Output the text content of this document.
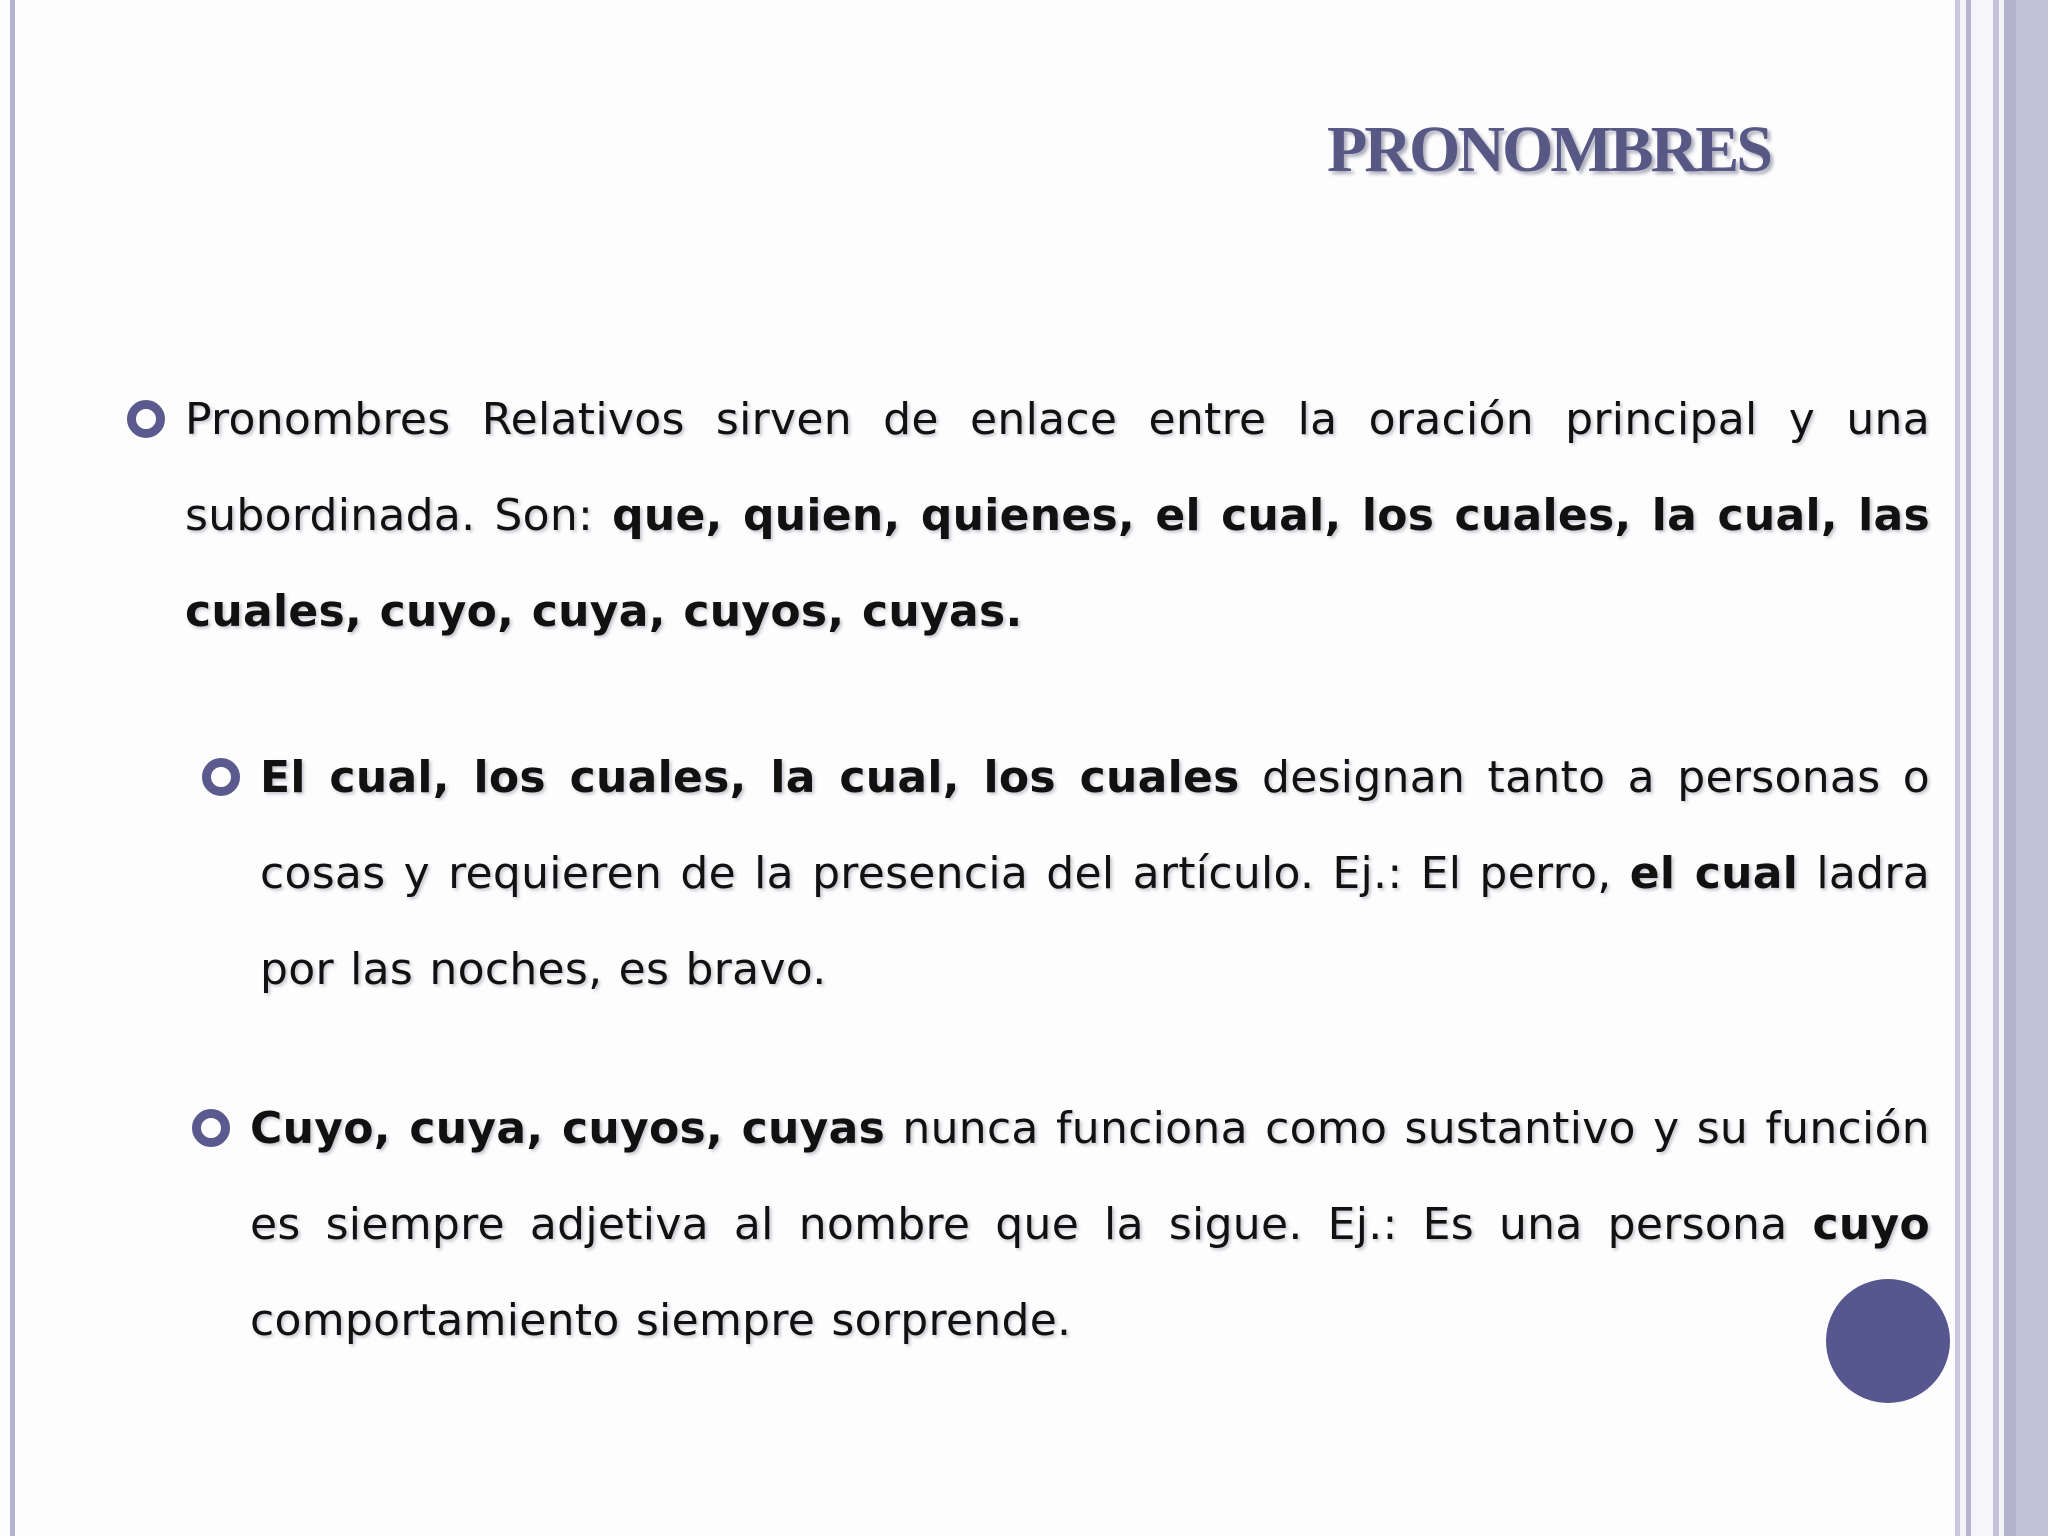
PRONOMBRES
Pronombres Relativos sirven de enlace entre la oración principal y una subordinada. Son: que, quien, quienes, el cual, los cuales, la cual, las cuales, cuyo, cuya, cuyos, cuyas.
El cual, los cuales, la cual, los cuales designan tanto a personas o cosas y requieren de la presencia del artículo. Ej.: El perro, el cual ladra por las noches, es bravo.
Cuyo, cuya, cuyos, cuyas nunca funciona como sustantivo y su función es siempre adjetiva al nombre que la sigue. Ej.: Es una persona cuyo comportamiento siempre sorprende.
